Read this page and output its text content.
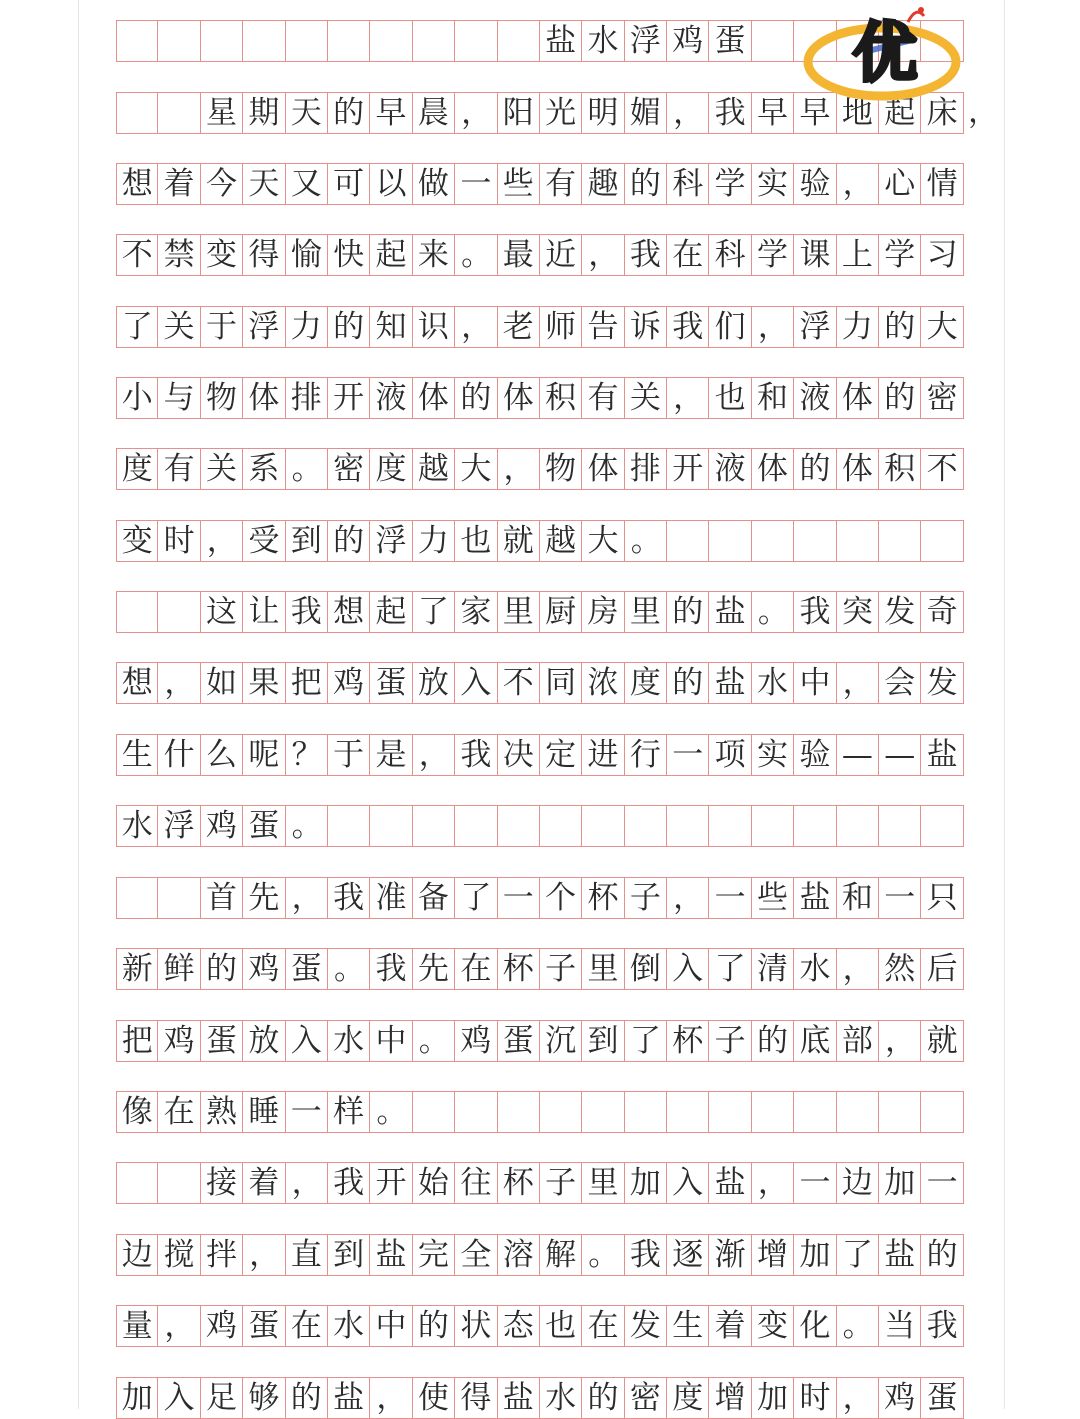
盐 水 浮 鸡 蛋
星 期 天 的 早 晨 ， 阳 光 明 媚 ， 我 早 早 地 起 床
想 着 今 天 又 可 以 做 一 些 有 趣 的 科 学 实 验 ， 心 情
不 禁 变 得 愉 快 起 来 。 最 近 ， 我 在 科 学 课 上 学 习
了 关 于 浮 力 的 知 识 ， 老 师 告 诉 我 们 ， 浮 力 的 大
小 与 物 体 排 开 液 体 的 体 积 有 关 ， 也 和 液 体 的 密
度 有 关 系 。 密 度 越 大 ， 物 体 排 开 液 体 的 体 积 不
变 时 ， 受 到 的 浮 力 也 就 越 大 。
这 让 我 想 起 了 家 里 厨 房 里 的 盐 。 我 突 发 奇
想 ， 如 果 把 鸡 蛋 放 入 不 同 浓 度 的 盐 水 中 ， 会 发
生 什 么 呢 ？ 于 是 ， 我 决 定 进 行 一 项 实 验 — — 盐
水 浮 鸡 蛋 。
首 先 ， 我 准 备 了 一 个 杯 子 ， 一 些 盐 和 一 只
新 鲜 的 鸡 蛋 。 我 先 在 杯 子 里 倒 入 了 清 水 ， 然 后
把 鸡 蛋 放 入 水 中 。 鸡 蛋 沉 到 了 杯 子 的 底 部 ， 就
像 在 熟 睡 一 样 。
接 着 ， 我 开 始 往 杯 子 里 加 入 盐 ， 一 边 加 一
边 搅 拌 ， 直 到 盐 完 全 溶 解 。 我 逐 渐 增 加 了 盐 的
量 ， 鸡 蛋 在 水 中 的 状 态 也 在 发 生 着 变 化 。 当 我
加 入 足 够 的 盐 ， 使 得 盐 水 的 密 度 增 加 时 ， 鸡 蛋
，
优
